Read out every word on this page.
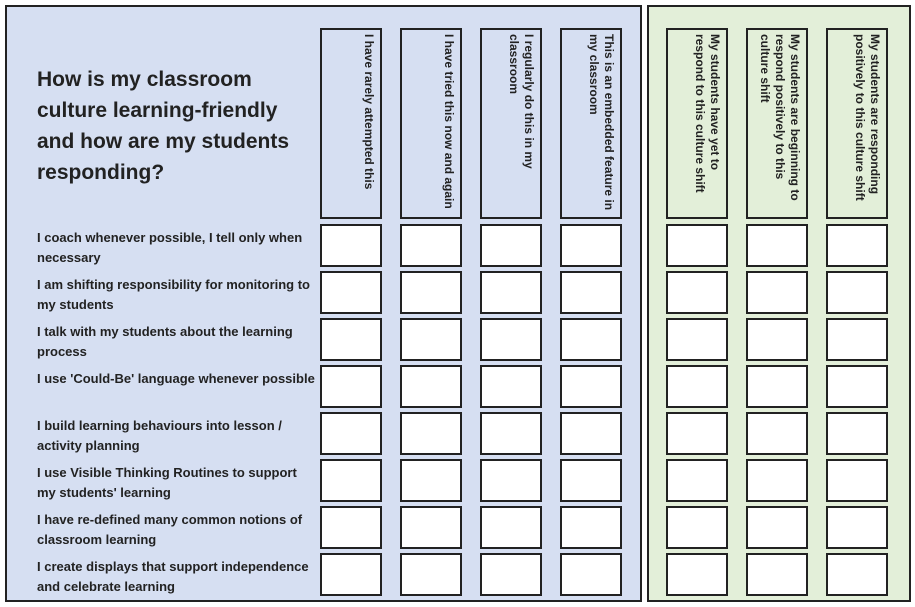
How is my classroom culture learning-friendly and how are my students responding?	I have rarely attempted this	I have tried this now and again	I regularly do this in my classroom	This is an embedded feature in my classroom	My students have yet to respond to this culture shift	My students are beginning to respond positively to this culture shift	My students are responding positively to this culture shift
I coach whenever possible, I tell only when necessary
I am shifting responsibility for monitoring to my students
I talk with my students about the learning process
I use 'Could-Be' language whenever possible
I build learning behaviours into lesson / activity planning
I use Visible Thinking Routines to support my students' learning
I have re-defined many common notions of classroom learning
I create displays that support independence and celebrate learning
